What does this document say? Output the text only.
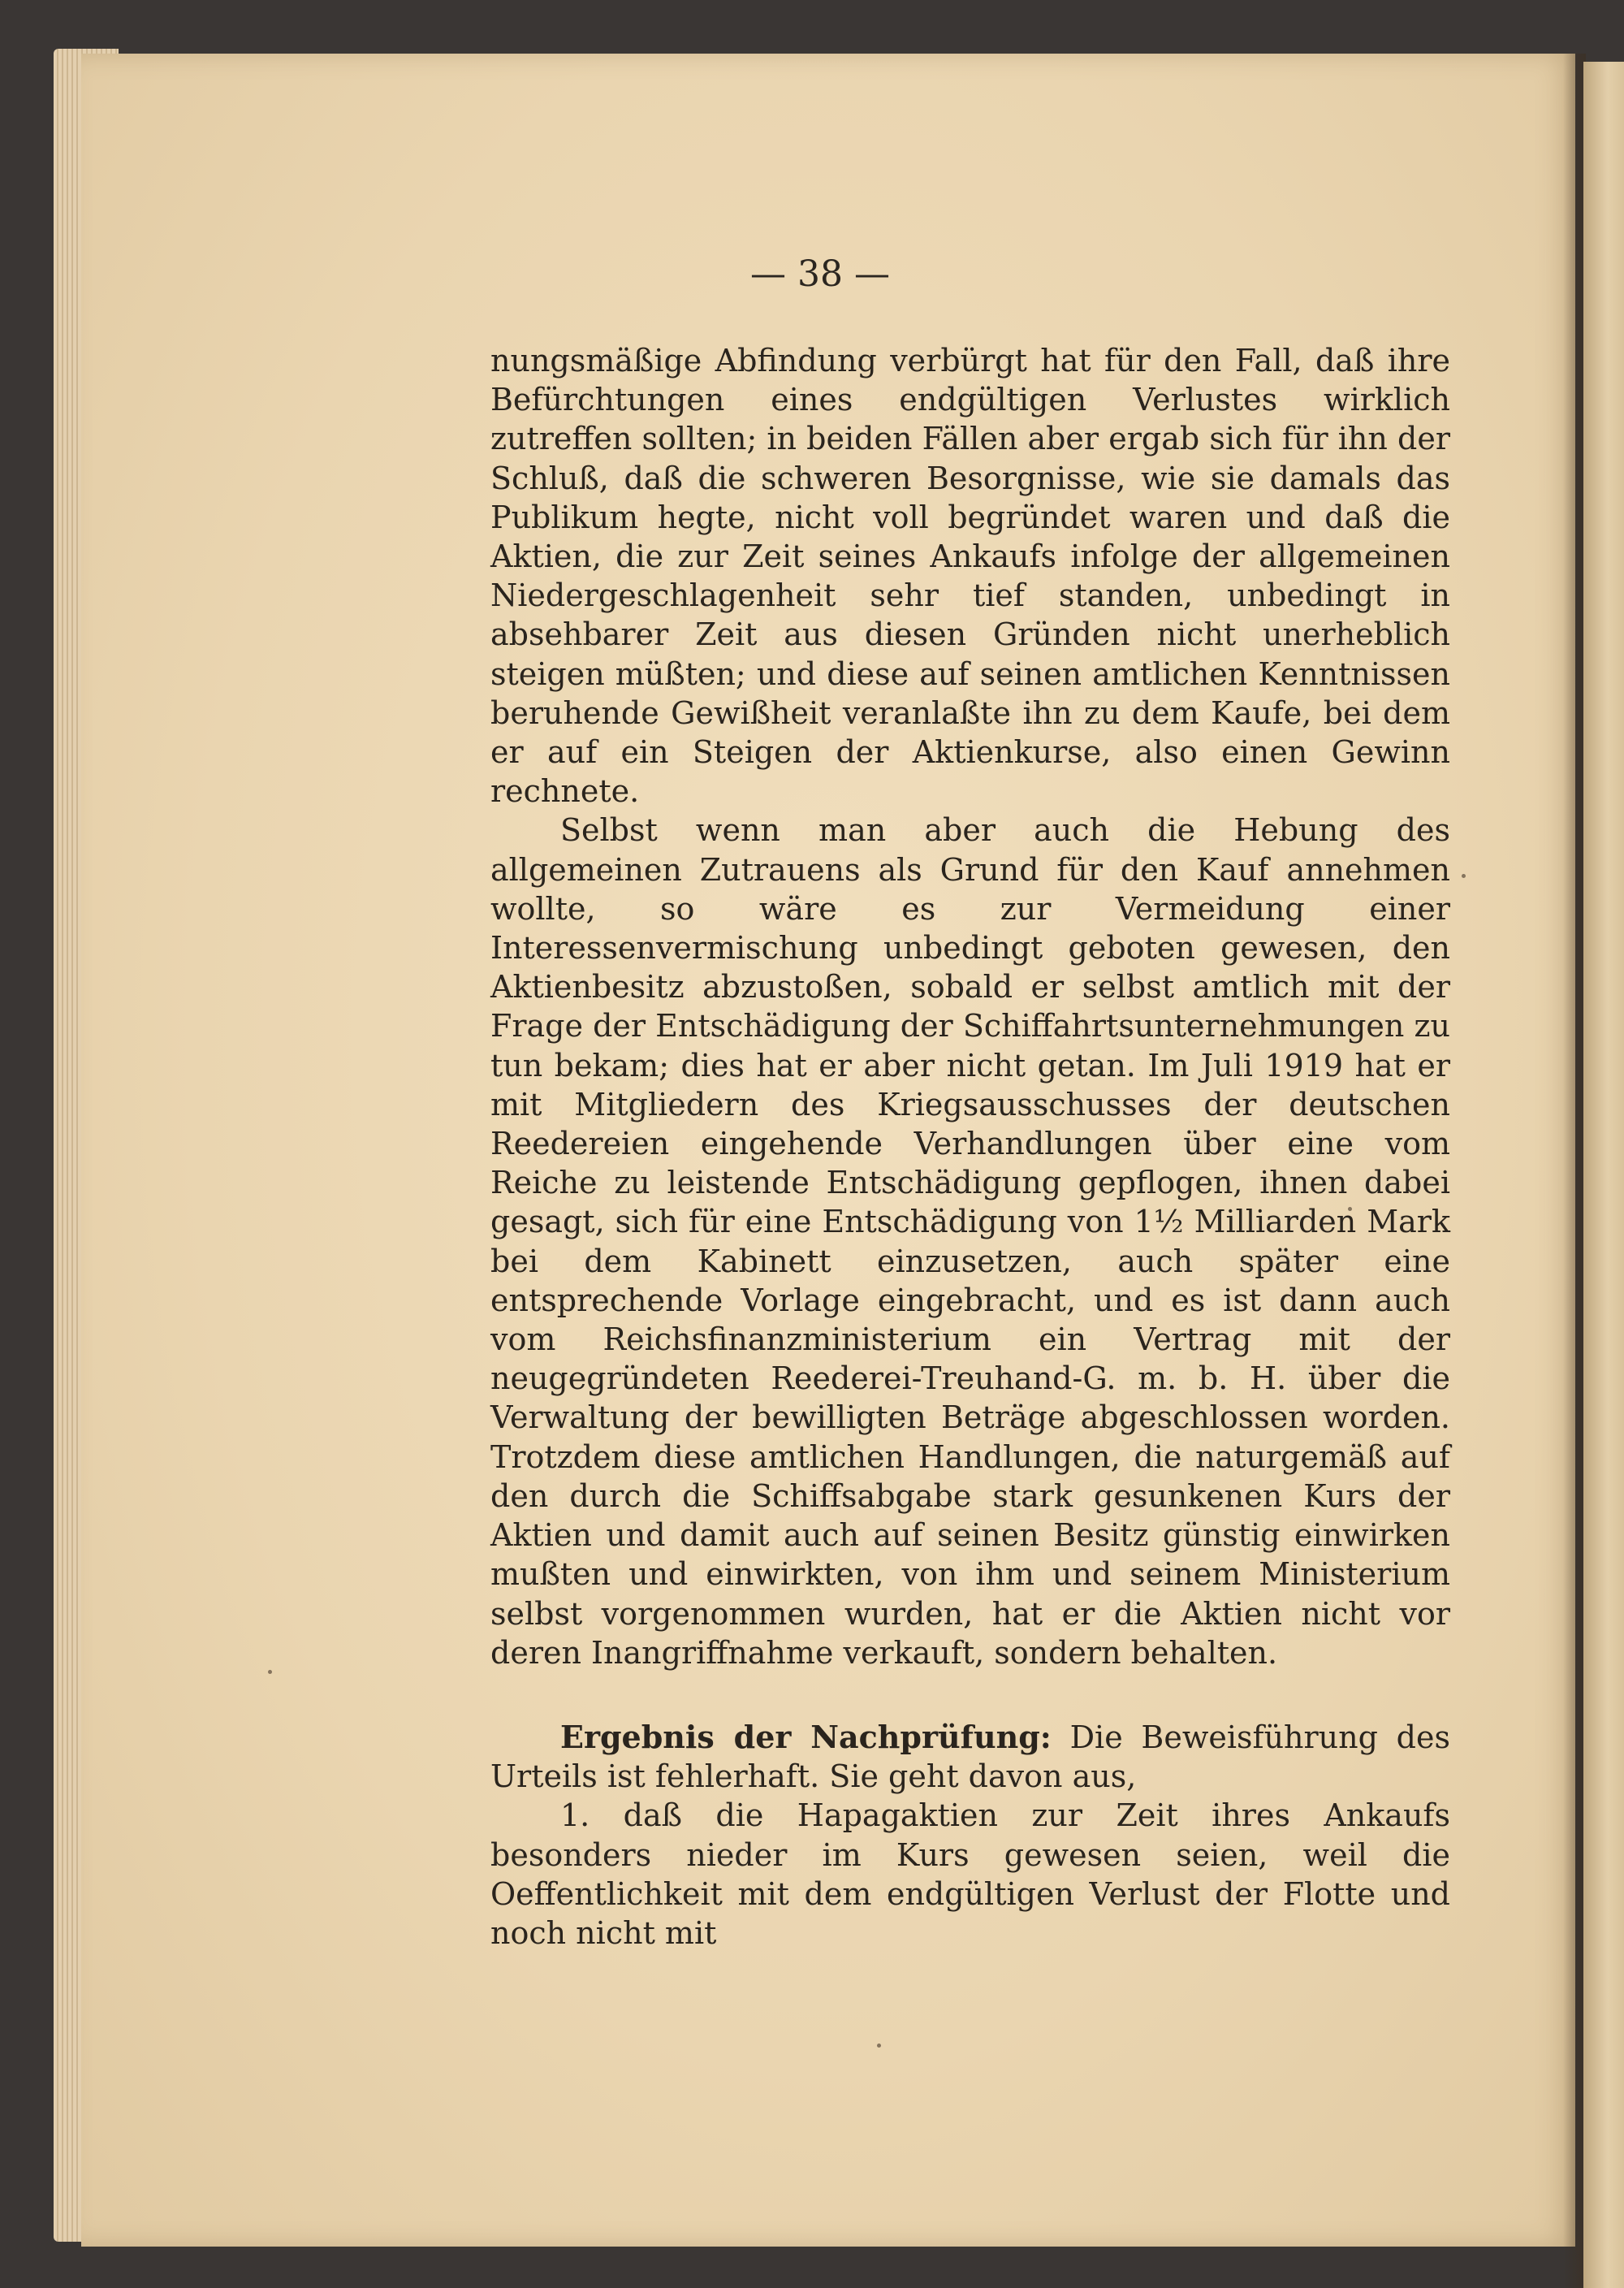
— 38 —

nungsmäßige Abfindung verbürgt hat für den Fall, daß ihre Befürchtungen eines endgültigen Verlustes wirklich zutreffen sollten; in beiden Fällen aber ergab sich für ihn der Schluß, daß die schweren Besorgnisse, wie sie damals das Publikum hegte, nicht voll begründet waren und daß die Aktien, die zur Zeit seines Ankaufs infolge der allgemeinen Niedergeschlagenheit sehr tief standen, unbedingt in absehbarer Zeit aus diesen Gründen nicht unerheblich steigen müßten; und diese auf seinen amtlichen Kenntnissen beruhende Gewißheit veranlaßte ihn zu dem Kaufe, bei dem er auf ein Steigen der Aktienkurse, also einen Gewinn rechnete.

Selbst wenn man aber auch die Hebung des allgemeinen Zutrauens als Grund für den Kauf annehmen wollte, so wäre es zur Vermeidung einer Interessenvermischung unbedingt geboten gewesen, den Aktienbesitz abzustoßen, sobald er selbst amtlich mit der Frage der Entschädigung der Schiffahrtsunternehmungen zu tun bekam; dies hat er aber nicht getan. Im Juli 1919 hat er mit Mitgliedern des Kriegsausschusses der deutschen Reedereien eingehende Verhandlungen über eine vom Reiche zu leistende Entschädigung gepflogen, ihnen dabei gesagt, sich für eine Entschädigung von 1½ Milliarden Mark bei dem Kabinett einzusetzen, auch später eine entsprechende Vorlage eingebracht, und es ist dann auch vom Reichsfinanzministerium ein Vertrag mit der neugegründeten Reederei-Treuhand-G. m. b. H. über die Verwaltung der bewilligten Beträge abgeschlossen worden. Trotzdem diese amtlichen Handlungen, die naturgemäß auf den durch die Schiffsabgabe stark gesunkenen Kurs der Aktien und damit auch auf seinen Besitz günstig einwirken mußten und einwirkten, von ihm und seinem Ministerium selbst vorgenommen wurden, hat er die Aktien nicht vor deren Inangriffnahme verkauft, sondern behalten.

Ergebnis der Nachprüfung: Die Beweisführung des Urteils ist fehlerhaft. Sie geht davon aus,

1. daß die Hapagaktien zur Zeit ihres Ankaufs besonders nieder im Kurs gewesen seien, weil die Oeffentlichkeit mit dem endgültigen Verlust der Flotte und noch nicht mit
